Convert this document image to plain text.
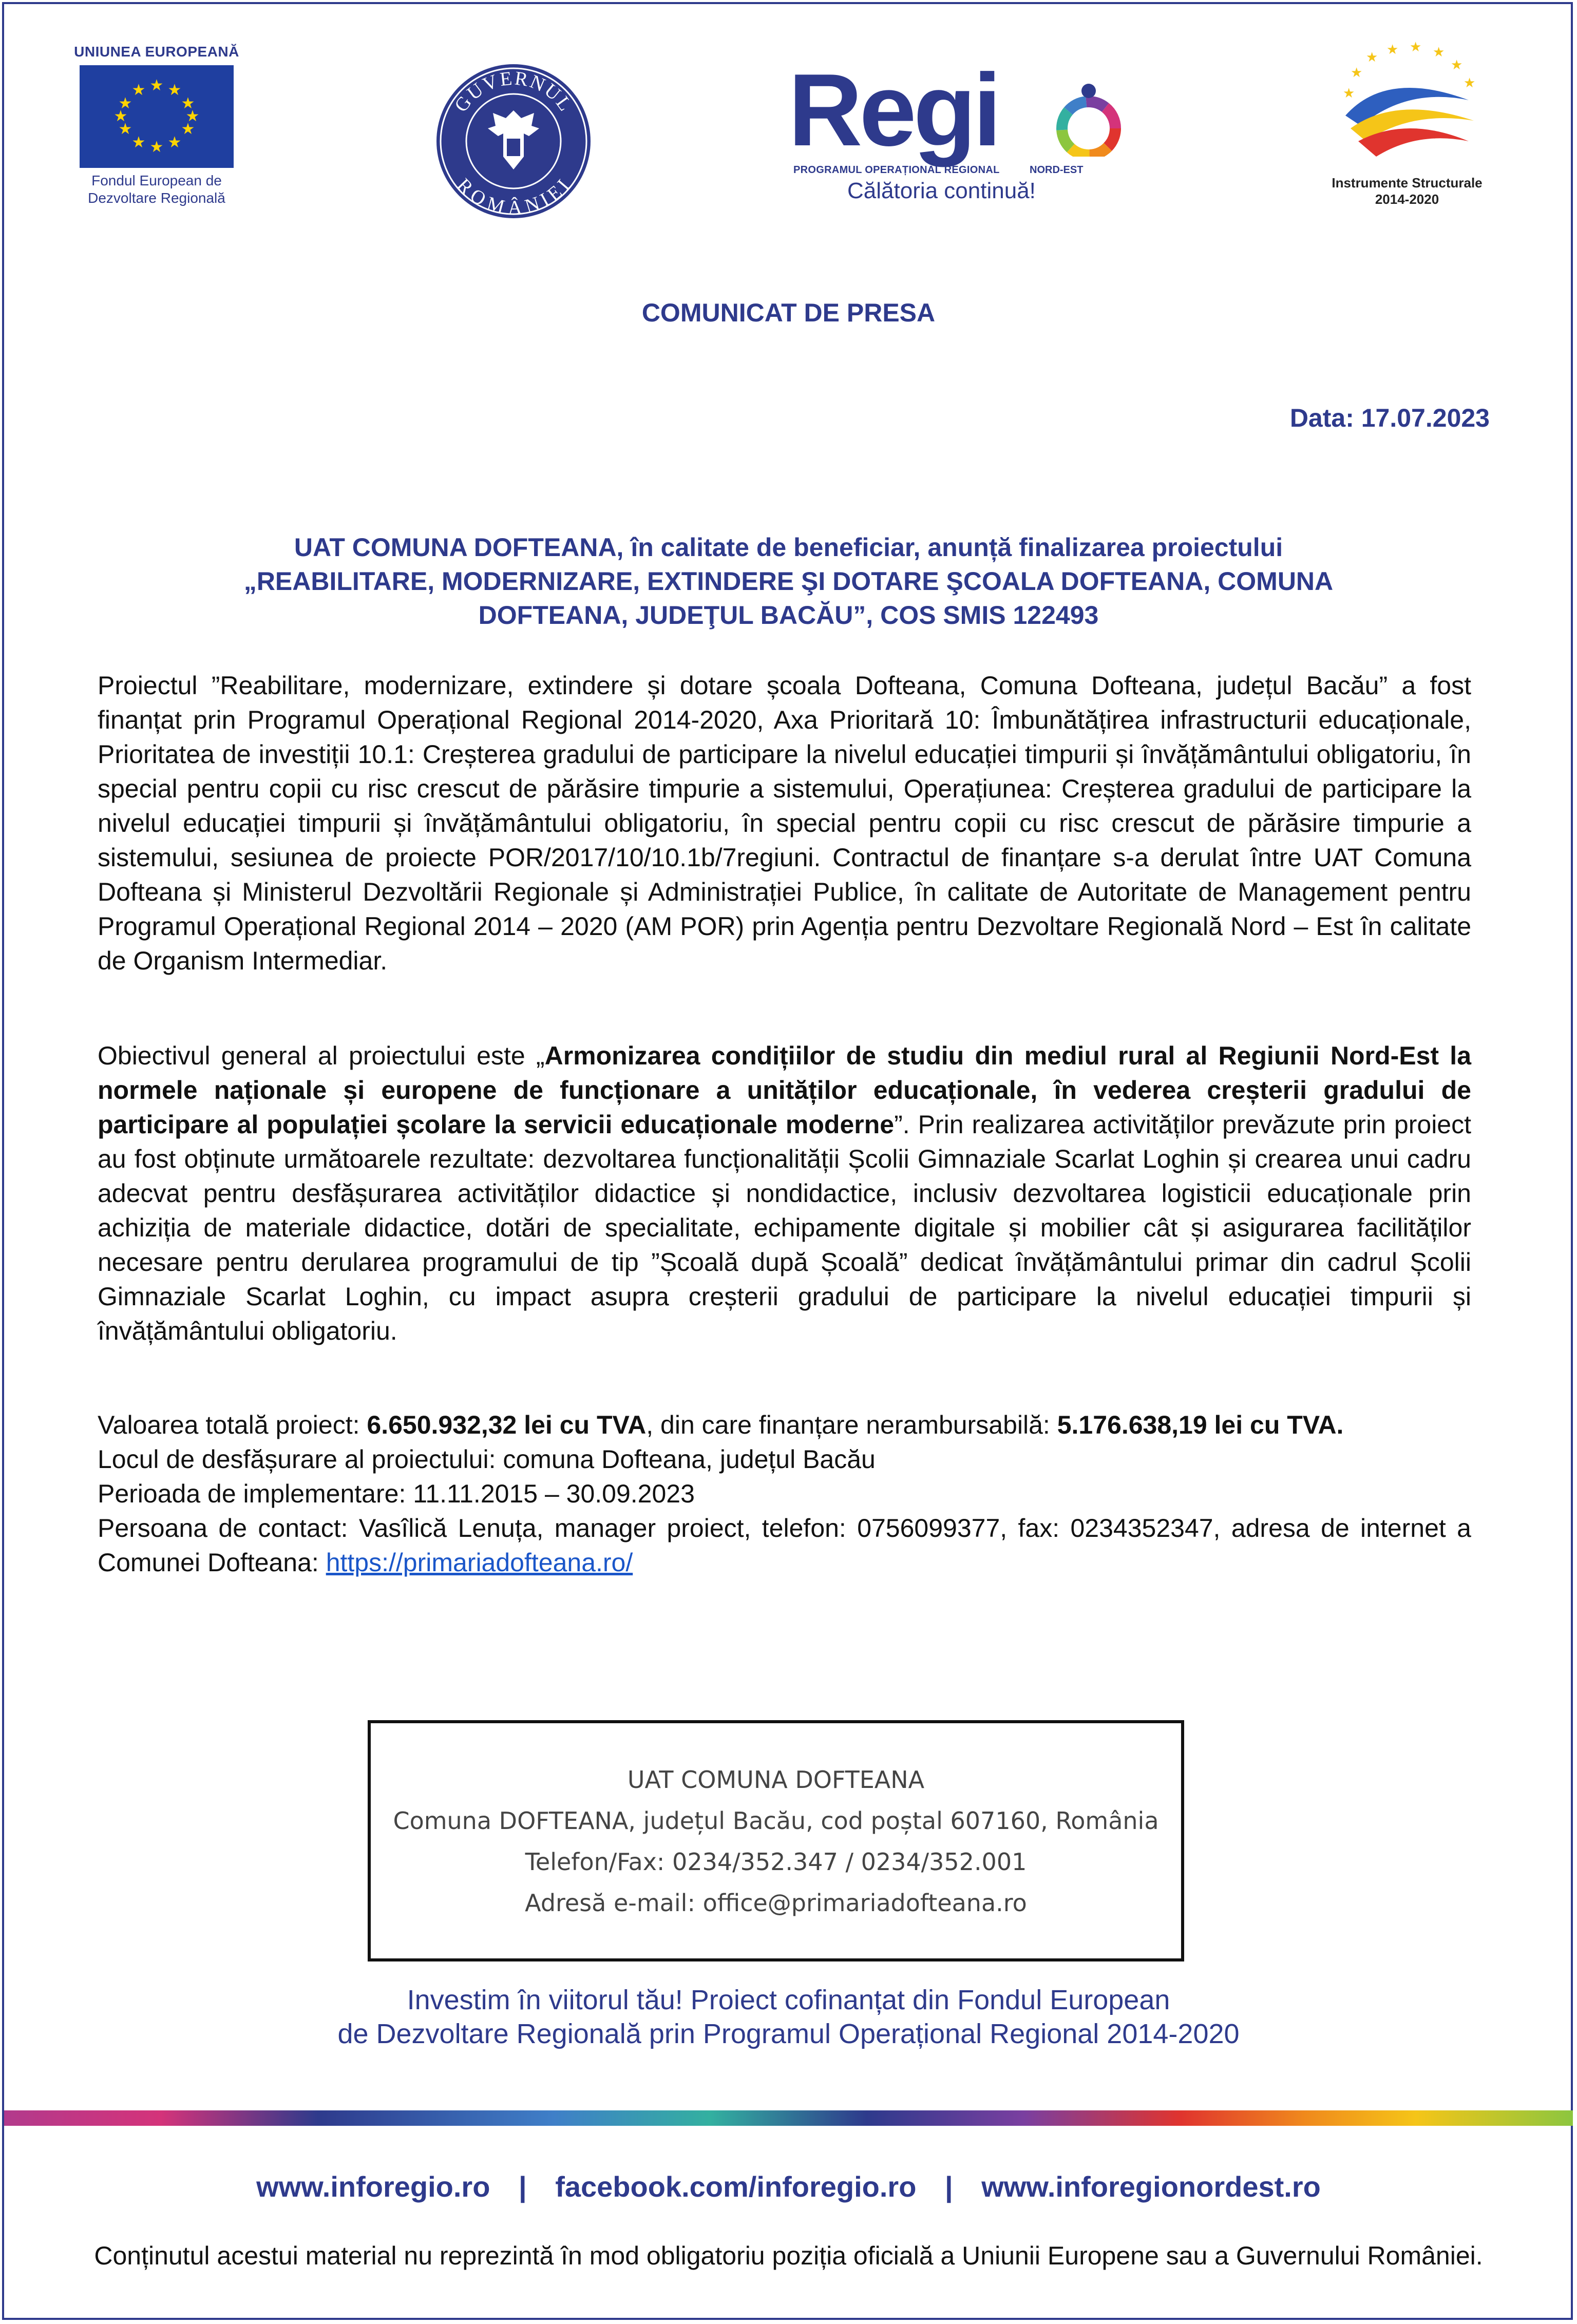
UNIUNEA EUROPEANĂ
★ ★
★
★
★
★
★
★
★
★
★
★
Fondul European de
Dezvoltare Regională
GUVERNUL
ROMÂNIEI
Regi
PROGRAMUL OPERAȚIONAL REGIONAL	NORD-EST
Călătoria continuă!
★ ★ ★ ★
★
★
★
★
★
★
Instrumente Structurale
2014-2020
COMUNICAT DE PRESA
Data: 17.07.2023
UAT COMUNA DOFTEANA, în calitate de beneficiar, anunță finalizarea proiectului
„REABILITARE, MODERNIZARE, EXTINDERE ŞI DOTARE ŞCOALA DOFTEANA, COMUNA
DOFTEANA, JUDEŢUL BACĂU”, COS SMIS 122493
Proiectul ”Reabilitare, modernizare, extindere și dotare școala Dofteana, Comuna Dofteana, județul Bacău” a fost finanțat prin Programul Operațional Regional 2014-2020, Axa Prioritară 10: Îmbunătățirea infrastructurii educaționale, Prioritatea de investiții 10.1: Creșterea gradului de participare la nivelul educației timpurii și învățământului obligatoriu, în special pentru copii cu risc crescut de părăsire timpurie a sistemului, Operațiunea: Creșterea gradului de participare la nivelul educației timpurii și învățământului obligatoriu, în special pentru copii cu risc crescut de părăsire timpurie a sistemului, sesiunea de proiecte POR/2017/10/10.1b/7regiuni. Contractul de finanțare s-a derulat între UAT Comuna Dofteana și Ministerul Dezvoltării Regionale și Administrației Publice, în calitate de Autoritate de Management pentru Programul Operațional Regional 2014 – 2020 (AM POR) prin Agenția pentru Dezvoltare Regională Nord – Est în calitate de Organism Intermediar.
Obiectivul general al proiectului este „Armonizarea condițiilor de studiu din mediul rural al Regiunii Nord-Est la normele naționale și europene de funcționare a unităților educaționale, în vederea creșterii gradului de participare al populației școlare la servicii educaționale moderne”. Prin realizarea activităților prevăzute prin proiect au fost obținute următoarele rezultate: dezvoltarea funcționalității Școlii Gimnaziale Scarlat Loghin și crearea unui cadru adecvat pentru desfășurarea activităților didactice și nondidactice, inclusiv dezvoltarea logisticii educaționale prin achiziția de materiale didactice, dotări de specialitate, echipamente digitale și mobilier cât și asigurarea facilităților necesare pentru derularea programului de tip ”Școală după Școală” dedicat învățământului primar din cadrul Școlii Gimnaziale Scarlat Loghin, cu impact asupra creșterii gradului de participare la nivelul educației timpurii și învățământului obligatoriu.
Valoarea totală proiect: 6.650.932,32 lei cu TVA, din care finanțare nerambursabilă: 5.176.638,19 lei cu TVA.
Locul de desfășurare al proiectului: comuna Dofteana, județul Bacău
Perioada de implementare: 11.11.2015 – 30.09.2023
Persoana de contact: Vasîlică Lenuța, manager proiect, telefon: 0756099377, fax: 0234352347, adresa de internet a Comunei Dofteana: https://primariadofteana.ro/
UAT COMUNA DOFTEANA
Comuna DOFTEANA, județul Bacău, cod poștal 607160, România
Telefon/Fax: 0234/352.347 / 0234/352.001
Adresă e-mail: office@primariadofteana.ro
Investim în viitorul tău! Proiect cofinanțat din Fondul European
de Dezvoltare Regională prin Programul Operațional Regional 2014-2020
www.inforegio.ro | facebook.com/inforegio.ro | www.inforegionordest.ro
Conținutul acestui material nu reprezintă în mod obligatoriu poziția oficială a Uniunii Europene sau a Guvernului României.
